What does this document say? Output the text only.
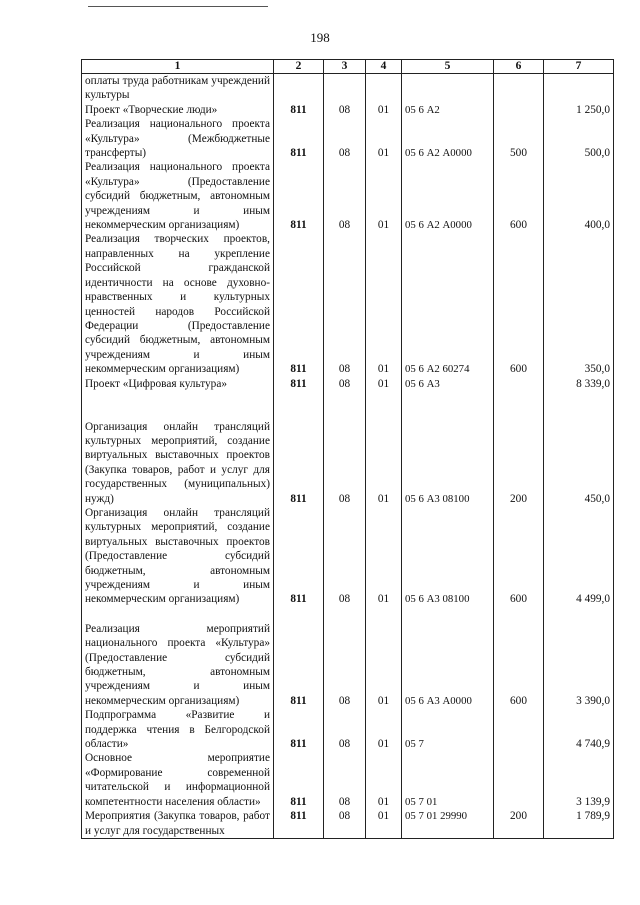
198
1	2	3	4	5	6	7
оплаты труда работникам учреждений культуры						
Проект «Творческие люди»	811	08	01	05 6 А2		1 250,0
Реализация национального проекта «Культура» (Межбюджетные трансферты)	811	08	01	05 6 А2 А0000	500	500,0
Реализация национального проекта «Культура» (Предоставление субсидий бюджетным, автономным учреждениям и иным некоммерческим организациям)	811	08	01	05 6 А2 А0000	600	400,0
Реализация творческих проектов, направленных на укрепление Российской гражданской идентичности на основе духовно-нравственных и культурных ценностей народов Российской Федерации (Предоставление субсидий бюджетным, автономным учреждениям и иным некоммерческим организациям)	811	08	01	05 6 А2 60274	600	350,0
Проект «Цифровая культура»	811	08	01	05 6 А3		8 339,0
Организация онлайн трансляций культурных мероприятий, создание виртуальных выставочных проектов (Закупка товаров, работ и услуг для государственных (муниципальных) нужд)	811	08	01	05 6 А3 08100	200	450,0
Организация онлайн трансляций культурных мероприятий, создание виртуальных выставочных проектов (Предоставление субсидий бюджетным, автономным учреждениям и иным некоммерческим организациям)	811	08	01	05 6 А3 08100	600	4 499,0
Реализация мероприятий национального проекта «Культура» (Предоставление субсидий бюджетным, автономным учреждениям и иным некоммерческим организациям)	811	08	01	05 6 А3 А0000	600	3 390,0
Подпрограмма «Развитие и поддержка чтения в Белгородской области»	811	08	01	05 7		4 740,9
Основное мероприятие «Формирование современной читательской и информационной компетентности населения области»	811	08	01	05 7 01		3 139,9
Мероприятия (Закупка товаров, работ и услуг для государственных	811	08	01	05 7 01 29990	200	1 789,9
